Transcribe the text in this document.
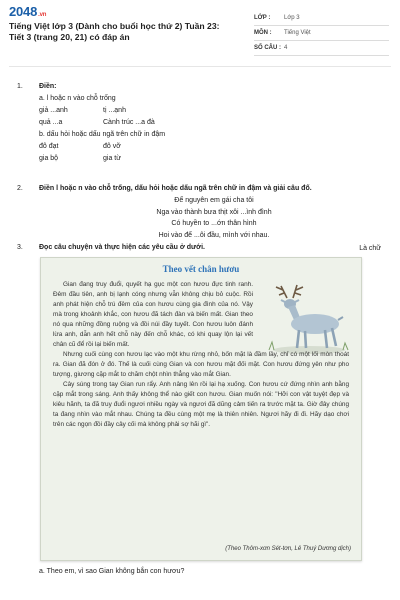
2048.vn
Tiếng Việt lớp 3 (Dành cho buổi học thứ 2) Tuần 23: Tiết 3 (trang 20, 21) có đáp án
LỚP :	Lớp 3
MÔN :	Tiếng Việt
SỐ CÂU : 4
1. Điền:
a. l hoặc n vào chỗ trống
giả ...anh	tị ...ạnh
quả ...a	Cành trúc ...a đà
b. dấu hỏi hoặc dấu ngã trên chữ in đậm
đô đạt	đô vỡ
gia bộ	gia từ
2. Điền l hoặc n vào chỗ trống, dấu hỏi hoặc dấu ngã trên chữ in đậm và giải câu đố.
Để nguyên em gái cha tôi
Nga vào thành bưa thịt xôi ...ình đình
Có huyền to ...ớn thân hình
Hoi vào để ...ôi đầu, mình với nhau.
Là chữ
3. Đọc câu chuyện và thực hiện các yêu cầu ở dưới.
Theo vết chân hươu

Gian đang truy đuổi, quyết hạ gục một con hươu đực tinh ranh. Đêm đầu tiên, anh bị lạnh cóng nhưng vẫn không chịu bỏ cuộc. Rồi anh phát hiện chỗ trú đêm của con hươu cùng gia đình của nó. Vậy mà trong khoảnh khắc, con hươu đã tách đàn và biến mất. Gian theo nó qua những đồng ruộng và đồi núi đầy tuyết. Con hươu luôn đánh lừa anh, dẫn anh hết chỗ này đến chỗ khác, có khi quay lộn lại vết chân cũ để rồi lại biến mất.

Nhưng cuối cùng con hươu lạc vào một khu rừng nhỏ, bốn mặt là đầm lầy, chỉ có một lối mòn thoát ra. Gian đã đón ở đó. Thế là cuối cùng Gian và con hươu mặt đối mặt. Con hươu đứng yên như pho tượng, giương cặp mắt to chăm chột nhìn thẳng vào mắt Gian.

Cây súng trong tay Gian run rẩy. Anh nâng lên rồi lại hạ xuống. Con hươu cứ đứng nhìn anh bằng cặp mắt trong sáng. Anh thấy không thể nào giết con hươu. Gian muốn nói: "Hỡi con vật tuyệt đẹp và kiêu hãnh, ta đã truy đuổi ngươi nhiều ngày và ngươi đã dũng cảm tiến ra trước mặt ta. Giờ đây chúng ta đang nhìn vào mắt nhau. Chúng ta đều cùng một mẹ là thiên nhiên. Ngươi hãy đi đi. Hãy dạo chơi trên các ngọn đồi đầy cây cối mà không phải sợ hãi gì".

(Theo Thôm-xơn Sét-tơn, Lê Thuý Dương dịch)
a. Theo em, vì sao Gian không bắn con hươu?
